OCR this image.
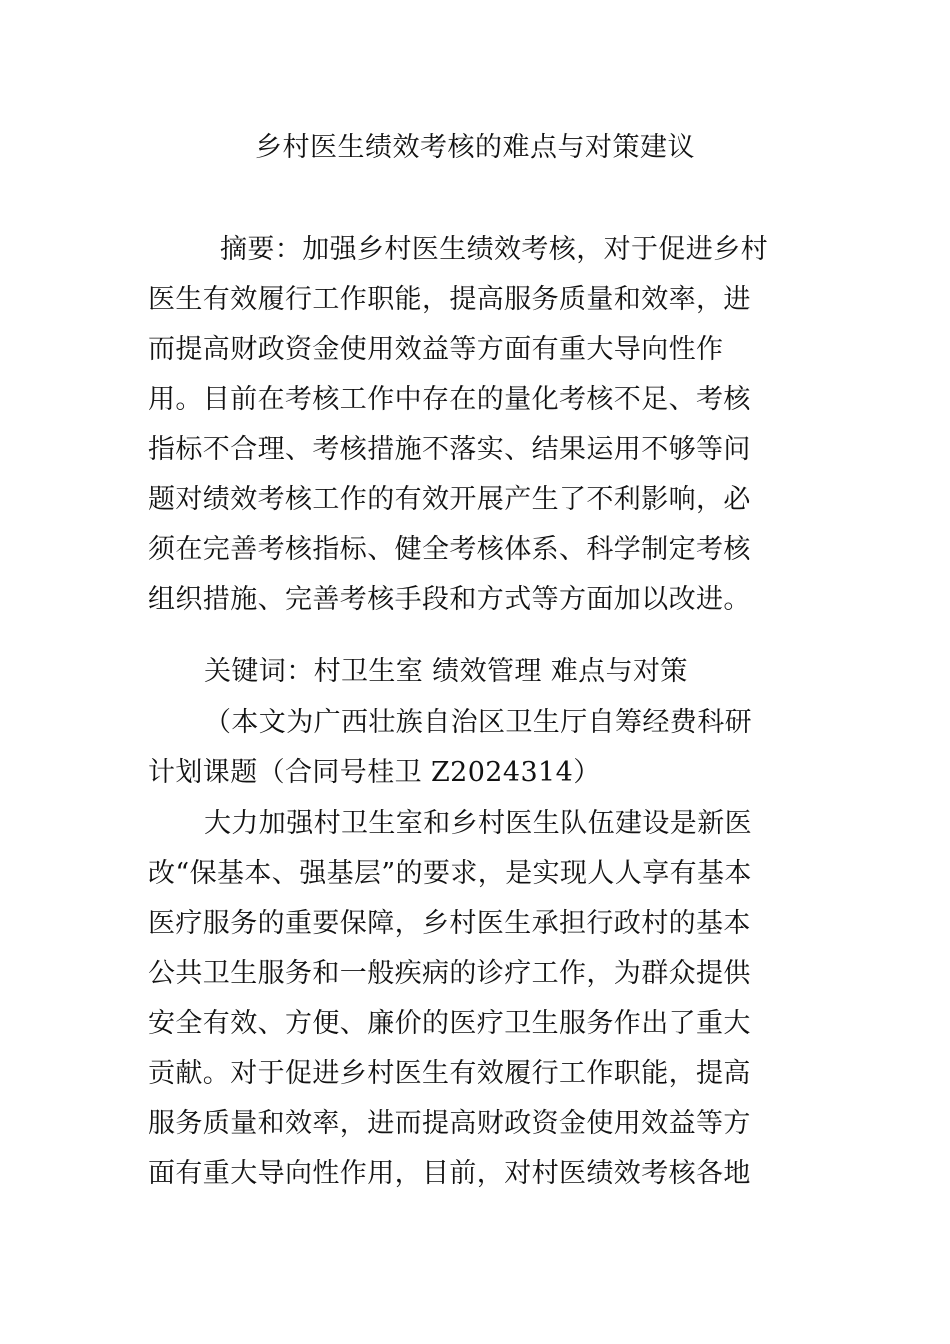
乡村医生绩效考核的难点与对策建议
摘要：加强乡村医生绩效考核，对于促进乡村
医生有效履行工作职能，提高服务质量和效率，进
而提高财政资金使用效益等方面有重大导向性作
用。目前在考核工作中存在的量化考核不足、考核
指标不合理、考核措施不落实、结果运用不够等问
题对绩效考核工作的有效开展产生了不利影响，必
须在完善考核指标、健全考核体系、科学制定考核
组织措施、完善考核手段和方式等方面加以改进。
关键词：村卫生室 绩效管理 难点与对策
（本文为广西壮族自治区卫生厅自筹经费科研
计划课题（合同号桂卫 Z2024314）
大力加强村卫生室和乡村医生队伍建设是新医
改“保基本、强基层”的要求，是实现人人享有基本
医疗服务的重要保障，乡村医生承担行政村的基本
公共卫生服务和一般疾病的诊疗工作，为群众提供
安全有效、方便、廉价的医疗卫生服务作出了重大
贡献。对于促进乡村医生有效履行工作职能，提高
服务质量和效率，进而提高财政资金使用效益等方
面有重大导向性作用，目前，对村医绩效考核各地
